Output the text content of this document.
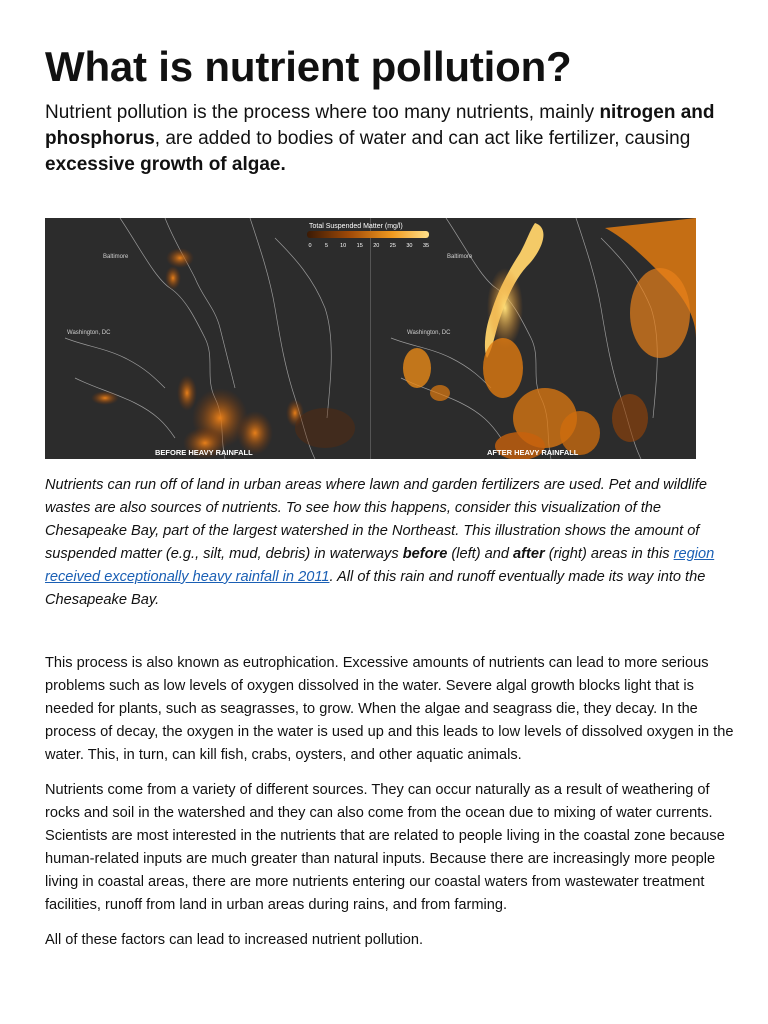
What is nutrient pollution?

Nutrient pollution is the process where too many nutrients, mainly nitrogen and phosphorus, are added to bodies of water and can act like fertilizer, causing excessive growth of algae.

Baltimore
Washington, DC
BEFORE HEAVY RAINFALL
Baltimore
Washington, DC
AFTER HEAVY RAINFALL
Total Suspended Matter (mg/l)
0 5 10 15 20 25 30 35

Nutrients can run off of land in urban areas where lawn and garden fertilizers are used. Pet and wildlife wastes are also sources of nutrients. To see how this happens, consider this visualization of the Chesapeake Bay, part of the largest watershed in the Northeast. This illustration shows the amount of suspended matter (e.g., silt, mud, debris) in waterways before (left) and after (right) areas in this region received exceptionally heavy rainfall in 2011. All of this rain and runoff eventually made its way into the Chesapeake Bay.

This process is also known as eutrophication. Excessive amounts of nutrients can lead to more serious problems such as low levels of oxygen dissolved in the water. Severe algal growth blocks light that is needed for plants, such as seagrasses, to grow. When the algae and seagrass die, they decay. In the process of decay, the oxygen in the water is used up and this leads to low levels of dissolved oxygen in the water. This, in turn, can kill fish, crabs, oysters, and other aquatic animals.

Nutrients come from a variety of different sources. They can occur naturally as a result of weathering of rocks and soil in the watershed and they can also come from the ocean due to mixing of water currents. Scientists are most interested in the nutrients that are related to people living in the coastal zone because human-related inputs are much greater than natural inputs. Because there are increasingly more people living in coastal areas, there are more nutrients entering our coastal waters from wastewater treatment facilities, runoff from land in urban areas during rains, and from farming.

All of these factors can lead to increased nutrient pollution.
